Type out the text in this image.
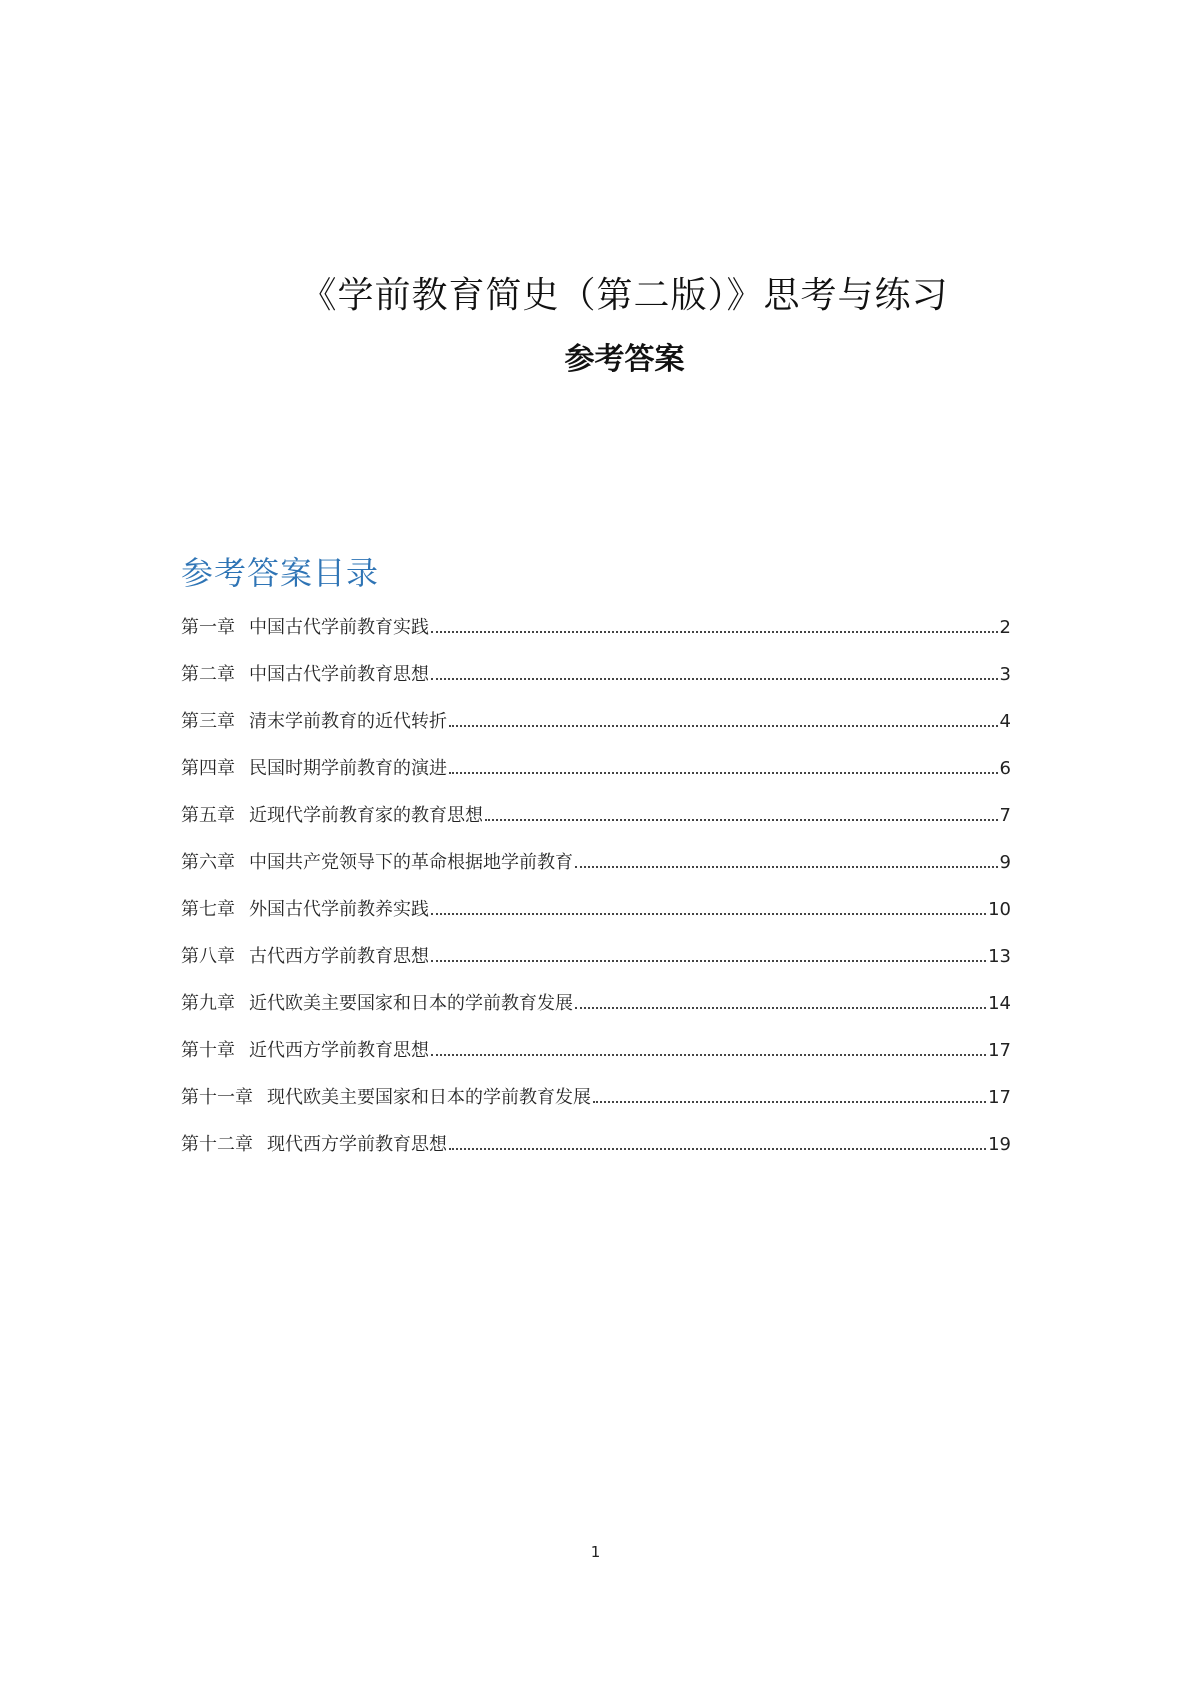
《学前教育简史（第二版）》思考与练习
参考答案
参考答案目录
第一章 中国古代学前教育实践	2
第二章 中国古代学前教育思想	3
第三章 清末学前教育的近代转折	4
第四章 民国时期学前教育的演进	6
第五章 近现代学前教育家的教育思想	7
第六章 中国共产党领导下的革命根据地学前教育	9
第七章 外国古代学前教养实践	10
第八章 古代西方学前教育思想	13
第九章 近代欧美主要国家和日本的学前教育发展	14
第十章 近代西方学前教育思想	17
第十一章 现代欧美主要国家和日本的学前教育发展	17
第十二章 现代西方学前教育思想	19
1
